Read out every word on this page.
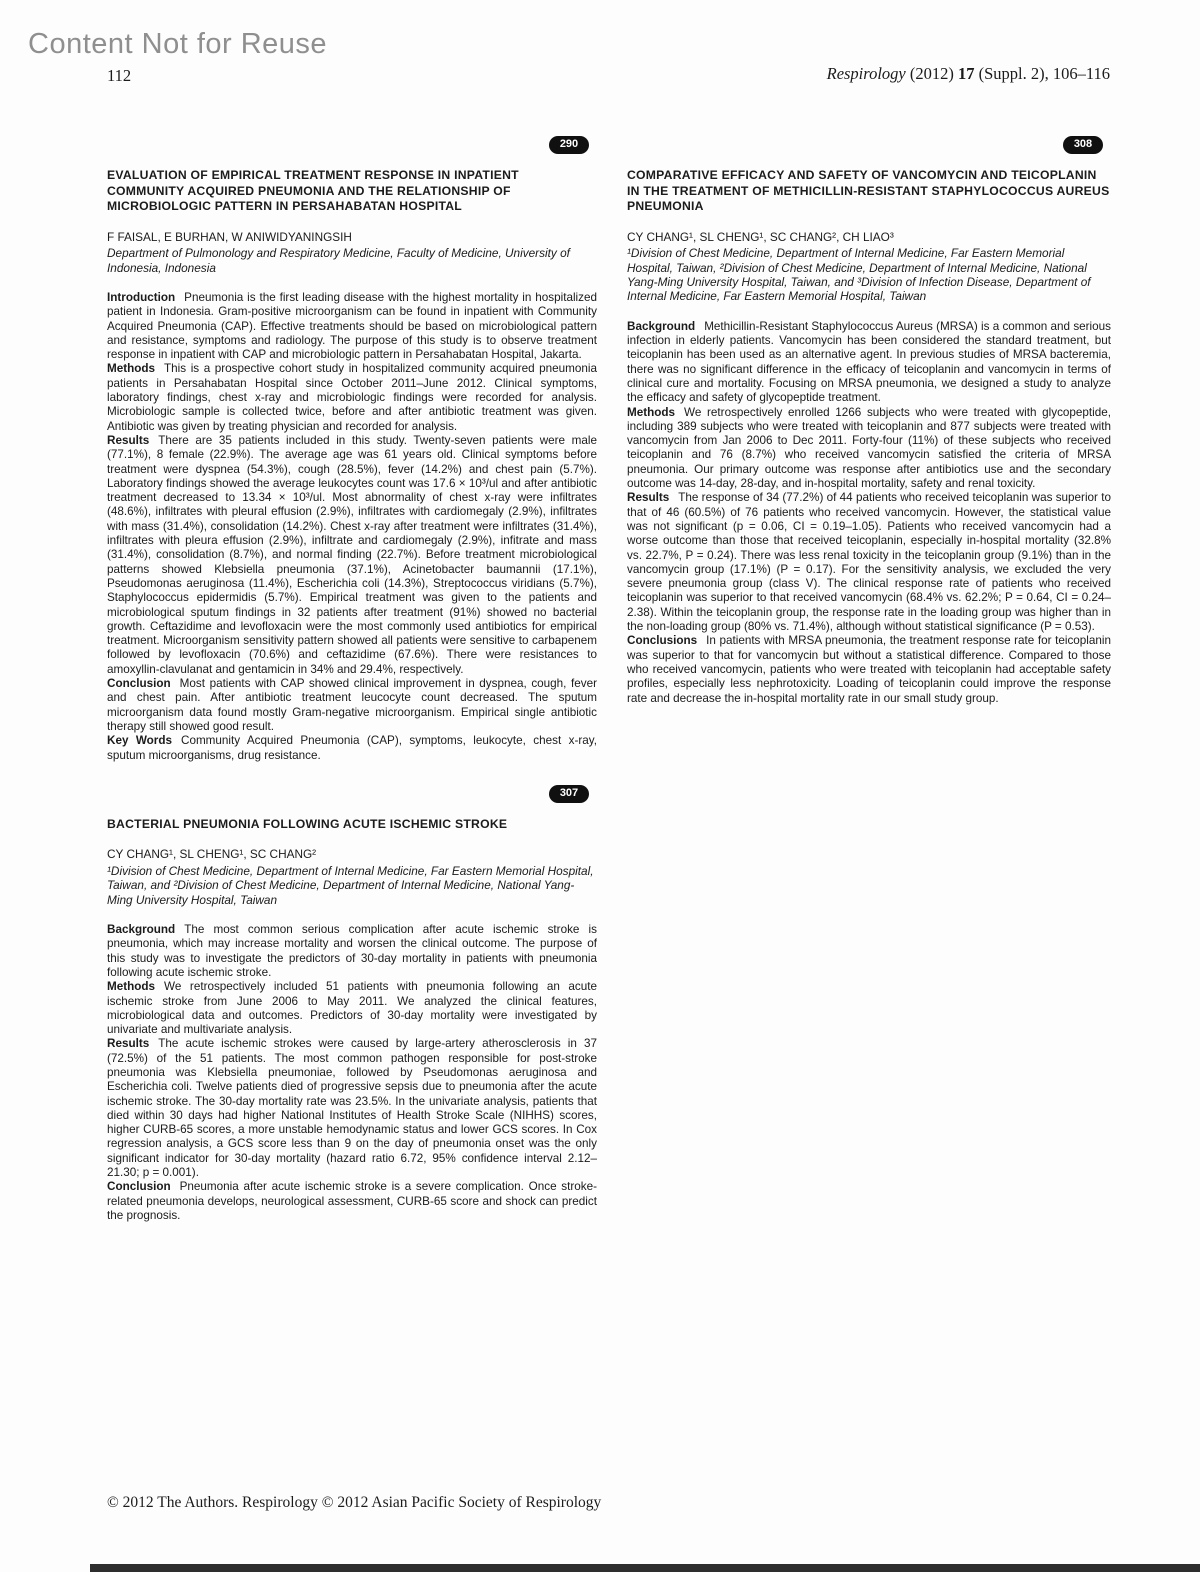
Content Not for Reuse
112	Respirology (2012) 17 (Suppl. 2), 106–116
290
EVALUATION OF EMPIRICAL TREATMENT RESPONSE IN INPATIENT COMMUNITY ACQUIRED PNEUMONIA AND THE RELATIONSHIP OF MICROBIOLOGIC PATTERN IN PERSAHABATAN HOSPITAL

F FAISAL, E BURHAN, W ANIWIDYANINGSIH

Department of Pulmonology and Respiratory Medicine, Faculty of Medicine, University of Indonesia, Indonesia

Introduction Pneumonia is the first leading disease with the highest mortality in hospitalized patient in Indonesia. Gram-positive microorganism can be found in inpatient with Community Acquired Pneumonia (CAP). Effective treatments should be based on microbiological pattern and resistance, symptoms and radiology. The purpose of this study is to observe treatment response in inpatient with CAP and microbiologic pattern in Persahabatan Hospital, Jakarta.

Methods This is a prospective cohort study in hospitalized community acquired pneumonia patients in Persahabatan Hospital since October 2011–June 2012. Clinical symptoms, laboratory findings, chest x-ray and microbiologic findings were recorded for analysis. Microbiologic sample is collected twice, before and after antibiotic treatment was given. Antibiotic was given by treating physician and recorded for analysis.

Results There are 35 patients included in this study. Twenty-seven patients were male (77.1%), 8 female (22.9%). The average age was 61 years old. Clinical symptoms before treatment were dyspnea (54.3%), cough (28.5%), fever (14.2%) and chest pain (5.7%). Laboratory findings showed the average leukocytes count was 17.6 × 10³/ul and after antibiotic treatment decreased to 13.34 × 10³/ul. Most abnormality of chest x-ray were infiltrates (48.6%), infiltrates with pleural effusion (2.9%), infiltrates with cardiomegaly (2.9%), infiltrates with mass (31.4%), consolidation (14.2%). Chest x-ray after treatment were infiltrates (31.4%), infiltrates with pleura effusion (2.9%), infiltrate and cardiomegaly (2.9%), infitrate and mass (31.4%), consolidation (8.7%), and normal finding (22.7%). Before treatment microbiological patterns showed Klebsiella pneumonia (37.1%), Acinetobacter baumannii (17.1%), Pseudomonas aeruginosa (11.4%), Escherichia coli (14.3%), Streptococcus viridians (5.7%), Staphylococcus epidermidis (5.7%). Empirical treatment was given to the patients and microbiological sputum findings in 32 patients after treatment (91%) showed no bacterial growth. Ceftazidime and levofloxacin were the most commonly used antibiotics for empirical treatment. Microorganism sensitivity pattern showed all patients were sensitive to carbapenem followed by levofloxacin (70.6%) and ceftazidime (67.6%). There were resistances to amoxyllin-clavulanat and gentamicin in 34% and 29.4%, respectively.

Conclusion Most patients with CAP showed clinical improvement in dyspnea, cough, fever and chest pain. After antibiotic treatment leucocyte count decreased. The sputum microorganism data found mostly Gram-negative microorganism. Empirical single antibiotic therapy still showed good result.

Key Words Community Acquired Pneumonia (CAP), symptoms, leukocyte, chest x-ray, sputum microorganisms, drug resistance.

307
BACTERIAL PNEUMONIA FOLLOWING ACUTE ISCHEMIC STROKE

CY CHANG¹, SL CHENG¹, SC CHANG²

¹Division of Chest Medicine, Department of Internal Medicine, Far Eastern Memorial Hospital, Taiwan, and ²Division of Chest Medicine, Department of Internal Medicine, National Yang-Ming University Hospital, Taiwan

Background The most common serious complication after acute ischemic stroke is pneumonia, which may increase mortality and worsen the clinical outcome. The purpose of this study was to investigate the predictors of 30-day mortality in patients with pneumonia following acute ischemic stroke.

Methods We retrospectively included 51 patients with pneumonia following an acute ischemic stroke from June 2006 to May 2011. We analyzed the clinical features, microbiological data and outcomes. Predictors of 30-day mortality were investigated by univariate and multivariate analysis.

Results The acute ischemic strokes were caused by large-artery atherosclerosis in 37 (72.5%) of the 51 patients. The most common pathogen responsible for post-stroke pneumonia was Klebsiella pneumoniae, followed by Pseudomonas aeruginosa and Escherichia coli. Twelve patients died of progressive sepsis due to pneumonia after the acute ischemic stroke. The 30-day mortality rate was 23.5%. In the univariate analysis, patients that died within 30 days had higher National Institutes of Health Stroke Scale (NIHHS) scores, higher CURB-65 scores, a more unstable hemodynamic status and lower GCS scores. In Cox regression analysis, a GCS score less than 9 on the day of pneumonia onset was the only significant indicator for 30-day mortality (hazard ratio 6.72, 95% confidence interval 2.12–21.30; p = 0.001).

Conclusion Pneumonia after acute ischemic stroke is a severe complication. Once stroke-related pneumonia develops, neurological assessment, CURB-65 score and shock can predict the prognosis.

308
COMPARATIVE EFFICACY AND SAFETY OF VANCOMYCIN AND TEICOPLANIN IN THE TREATMENT OF METHICILLIN-RESISTANT STAPHYLOCOCCUS AUREUS PNEUMONIA

CY CHANG¹, SL CHENG¹, SC CHANG², CH LIAO³

¹Division of Chest Medicine, Department of Internal Medicine, Far Eastern Memorial Hospital, Taiwan, ²Division of Chest Medicine, Department of Internal Medicine, National Yang-Ming University Hospital, Taiwan, and ³Division of Infection Disease, Department of Internal Medicine, Far Eastern Memorial Hospital, Taiwan

Background Methicillin-Resistant Staphylococcus Aureus (MRSA) is a common and serious infection in elderly patients. Vancomycin has been considered the standard treatment, but teicoplanin has been used as an alternative agent. In previous studies of MRSA bacteremia, there was no significant difference in the efficacy of teicoplanin and vancomycin in terms of clinical cure and mortality. Focusing on MRSA pneumonia, we designed a study to analyze the efficacy and safety of glycopeptide treatment.

Methods We retrospectively enrolled 1266 subjects who were treated with glycopeptide, including 389 subjects who were treated with teicoplanin and 877 subjects were treated with vancomycin from Jan 2006 to Dec 2011. Forty-four (11%) of these subjects who received teicoplanin and 76 (8.7%) who received vancomycin satisfied the criteria of MRSA pneumonia. Our primary outcome was response after antibiotics use and the secondary outcome was 14-day, 28-day, and in-hospital mortality, safety and renal toxicity.

Results The response of 34 (77.2%) of 44 patients who received teicoplanin was superior to that of 46 (60.5%) of 76 patients who received vancomycin. However, the statistical value was not significant (p = 0.06, CI = 0.19–1.05). Patients who received vancomycin had a worse outcome than those that received teicoplanin, especially in-hospital mortality (32.8% vs. 22.7%, P = 0.24). There was less renal toxicity in the teicoplanin group (9.1%) than in the vancomycin group (17.1%) (P = 0.17). For the sensitivity analysis, we excluded the very severe pneumonia group (class V). The clinical response rate of patients who received teicoplanin was superior to that received vancomycin (68.4% vs. 62.2%; P = 0.64, CI = 0.24–2.38). Within the teicoplanin group, the response rate in the loading group was higher than in the non-loading group (80% vs. 71.4%), although without statistical significance (P = 0.53).

Conclusions In patients with MRSA pneumonia, the treatment response rate for teicoplanin was superior to that for vancomycin but without a statistical difference. Compared to those who received vancomycin, patients who were treated with teicoplanin had acceptable safety profiles, especially less nephrotoxicity. Loading of teicoplanin could improve the response rate and decrease the in-hospital mortality rate in our small study group.

© 2012 The Authors. Respirology © 2012 Asian Pacific Society of Respirology
